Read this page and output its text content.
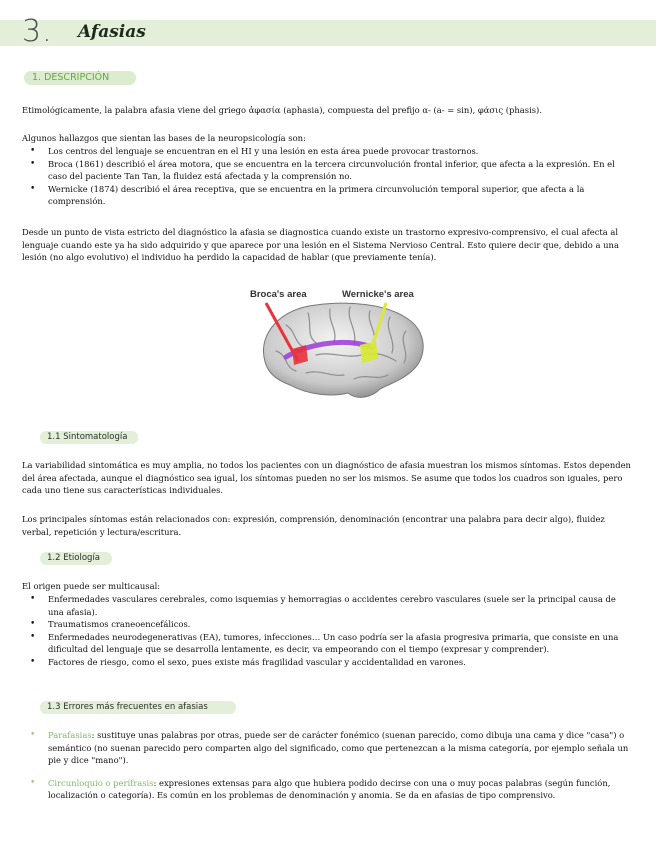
3. Afasias
1. DESCRIPCIÓN

Etimológicamente, la palabra afasia viene del griego ἀφασία (aphasia), compuesta del prefijo α- (a- = sin), φάσις (phasis).

Algunos hallazgos que sientan las bases de la neuropsicología son:

• Los centros del lenguaje se encuentran en el HI y una lesión en esta área puede provocar trastornos.
• Broca (1861) describió el área motora, que se encuentra en la tercera circunvolución frontal inferior, que afecta a la expresión. En el caso del paciente Tan Tan, la fluidez está afectada y la comprensión no.
• Wernicke (1874) describió el área receptiva, que se encuentra en la primera circunvolución temporal superior, que afecta a la comprensión.

Desde un punto de vista estricto del diagnóstico la afasia se diagnostica cuando existe un trastorno expresivo-comprensivo, el cual afecta al lenguaje cuando este ya ha sido adquirido y que aparece por una lesión en el Sistema Nervioso Central. Esto quiere decir que, debido a una lesión (no algo evolutivo) el individuo ha perdido la capacidad de hablar (que previamente tenía).

Broca's area	Wernicke's area
1.1 Sintomatología

La variabilidad sintomática es muy amplia, no todos los pacientes con un diagnóstico de afasia muestran los mismos síntomas. Estos dependen del área afectada, aunque el diagnóstico sea igual, los síntomas pueden no ser los mismos. Se asume que todos los cuadros son iguales, pero cada uno tiene sus características individuales.

Los principales síntomas están relacionados con: expresión, comprensión, denominación (encontrar una palabra para decir algo), fluidez verbal, repetición y lectura/escritura.

1.2 Etiología

El origen puede ser multicausal:

• Enfermedades vasculares cerebrales, como isquemias y hemorragias o accidentes cerebro vasculares (suele ser la principal causa de una afasia).
• Traumatismos craneoencefálicos.
• Enfermedades neurodegenerativas (EA), tumores, infecciones… Un caso podría ser la afasia progresiva primaria, que consiste en una dificultad del lenguaje que se desarrolla lentamente, es decir, va empeorando con el tiempo (expresar y comprender).
• Factores de riesgo, como el sexo, pues existe más fragilidad vascular y accidentalidad en varones.
1.3 Errores más frecuentes en afasias
• Parafasias: sustituye unas palabras por otras, puede ser de carácter fonémico (suenan parecido, como dibuja una cama y dice "casa") o semántico (no suenan parecido pero comparten algo del significado, como que pertenezcan a la misma categoría, por ejemplo señala un pie y dice "mano").
• Circunloquio o perífrasis: expresiones extensas para algo que hubiera podido decirse con una o muy pocas palabras (según función, localización o categoría). Es común en los problemas de denominación y anomia. Se da en afasias de tipo comprensivo.
